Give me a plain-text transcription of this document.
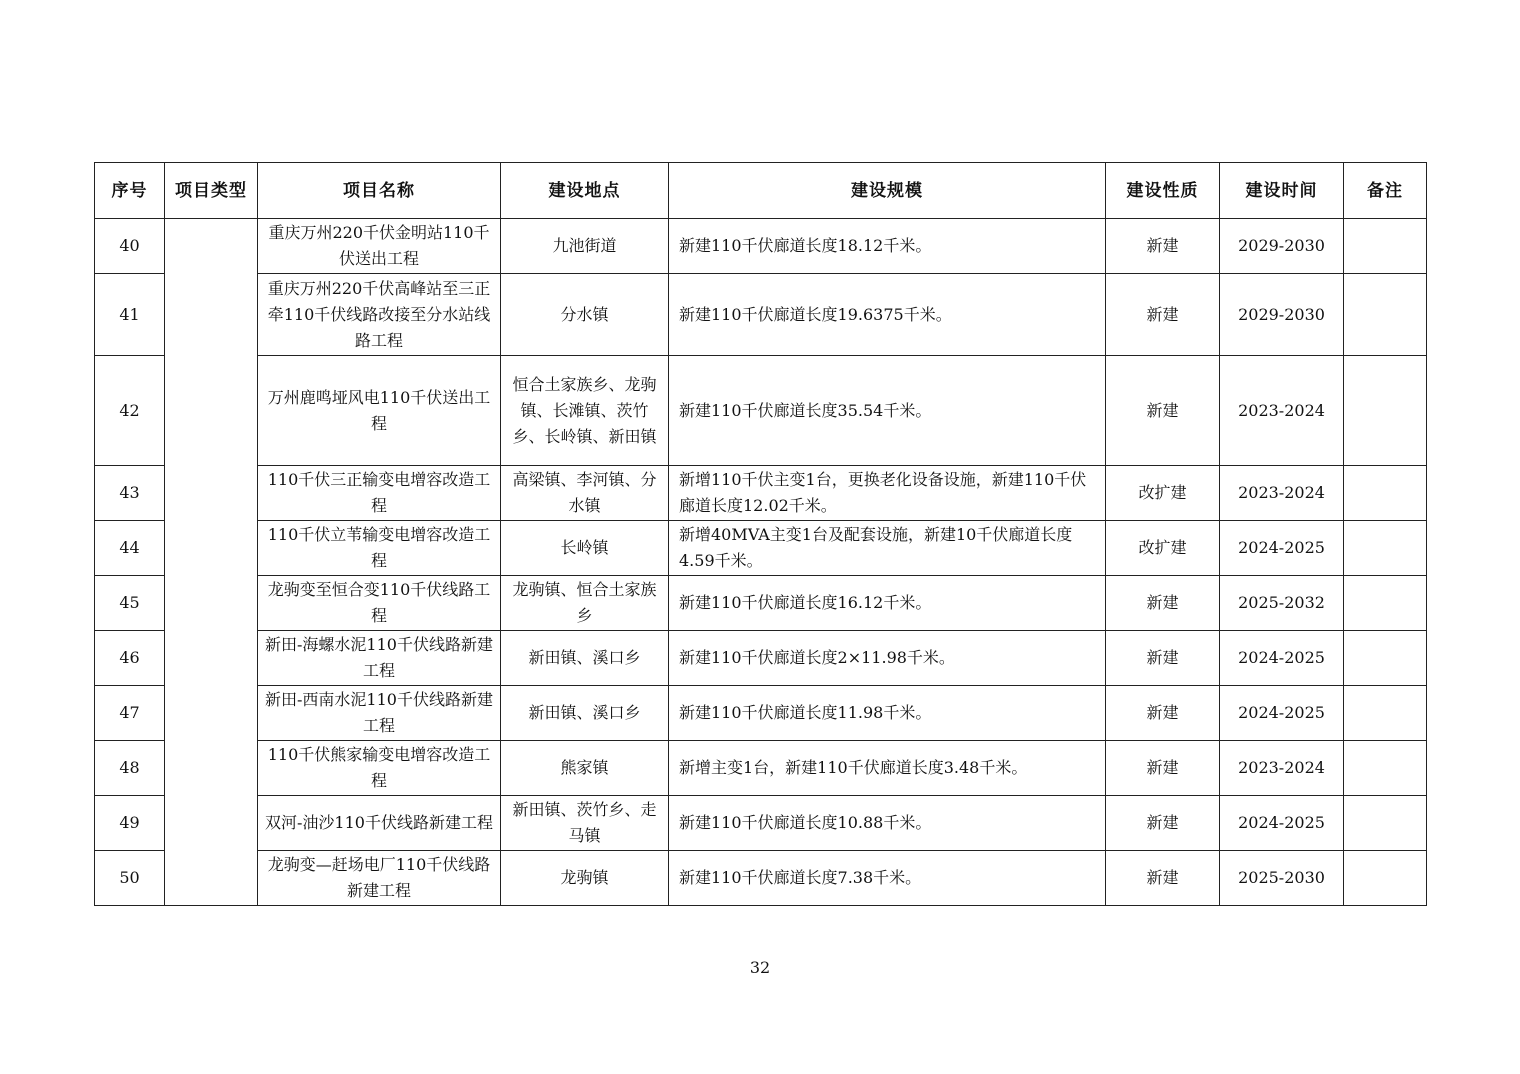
序号	项目类型	项目名称	建设地点	建设规模	建设性质	建设时间	备注
40		重庆万州220千伏金明站110千伏送出工程	九池街道	新建110千伏廊道长度18.12千米。	新建	2029-2030	
41		重庆万州220千伏高峰站至三正牵110千伏线路改接至分水站线路工程	分水镇	新建110千伏廊道长度19.6375千米。	新建	2029-2030	
42		万州鹿鸣垭风电110千伏送出工程	恒合土家族乡、龙驹镇、长滩镇、茨竹乡、长岭镇、新田镇	新建110千伏廊道长度35.54千米。	新建	2023-2024	
43		110千伏三正输变电增容改造工程	高梁镇、李河镇、分水镇	新增110千伏主变1台，更换老化设备设施，新建110千伏廊道长度12.02千米。	改扩建	2023-2024	
44		110千伏立苇输变电增容改造工程	长岭镇	新增40MVA主变1台及配套设施，新建10千伏廊道长度4.59千米。	改扩建	2024-2025	
45		龙驹变至恒合变110千伏线路工程	龙驹镇、恒合土家族乡	新建110千伏廊道长度16.12千米。	新建	2025-2032	
46		新田-海螺水泥110千伏线路新建工程	新田镇、溪口乡	新建110千伏廊道长度2×11.98千米。	新建	2024-2025	
47		新田-西南水泥110千伏线路新建工程	新田镇、溪口乡	新建110千伏廊道长度11.98千米。	新建	2024-2025	
48		110千伏熊家输变电增容改造工程	熊家镇	新增主变1台，新建110千伏廊道长度3.48千米。	新建	2023-2024	
49		双河-油沙110千伏线路新建工程	新田镇、茨竹乡、走马镇	新建110千伏廊道长度10.88千米。	新建	2024-2025	
50		龙驹变—赶场电厂110千伏线路新建工程	龙驹镇	新建110千伏廊道长度7.38千米。	新建	2025-2030	
32
